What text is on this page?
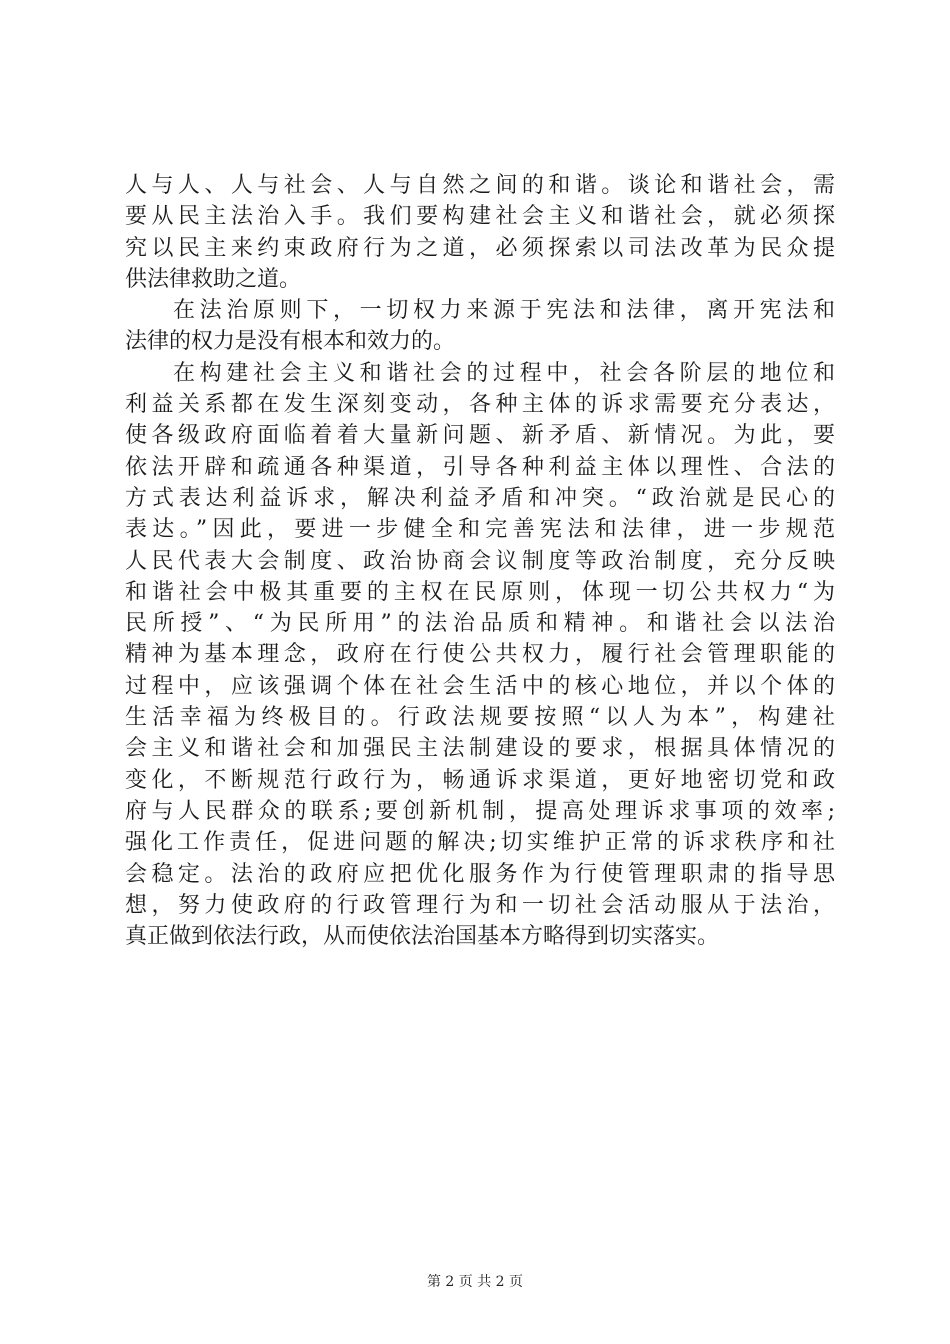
人与人、人与社会、人与自然之间的和谐。谈论和谐社会，需
要从民主法治入手。我们要构建社会主义和谐社会，就必须探
究以民主来约束政府行为之道，必须探索以司法改革为民众提
供法律救助之道。
在法治原则下，一切权力来源于宪法和法律，离开宪法和
法律的权力是没有根本和效力的。
在构建社会主义和谐社会的过程中，社会各阶层的地位和
利益关系都在发生深刻变动，各种主体的诉求需要充分表达，
使各级政府面临着着大量新问题、新矛盾、新情况。为此，要
依法开辟和疏通各种渠道，引导各种利益主体以理性、合法的
方式表达利益诉求，解决利益矛盾和冲突。“政治就是民心的
表达。”因此，要进一步健全和完善宪法和法律，进一步规范
人民代表大会制度、政治协商会议制度等政治制度，充分反映
和谐社会中极其重要的主权在民原则，体现一切公共权力“为
民所授”、“为民所用”的法治品质和精神。和谐社会以法治
精神为基本理念，政府在行使公共权力，履行社会管理职能的
过程中，应该强调个体在社会生活中的核心地位，并以个体的
生活幸福为终极目的。行政法规要按照“以人为本”，构建社
会主义和谐社会和加强民主法制建设的要求，根据具体情况的
变化，不断规范行政行为，畅通诉求渠道，更好地密切党和政
府与人民群众的联系;要创新机制，提高处理诉求事项的效率;
强化工作责任，促进问题的解决;切实维护正常的诉求秩序和社
会稳定。法治的政府应把优化服务作为行使管理职肃的指导思
想，努力使政府的行政管理行为和一切社会活动服从于法治，
真正做到依法行政，从而使依法治国基本方略得到切实落实。
第 2 页 共 2 页
